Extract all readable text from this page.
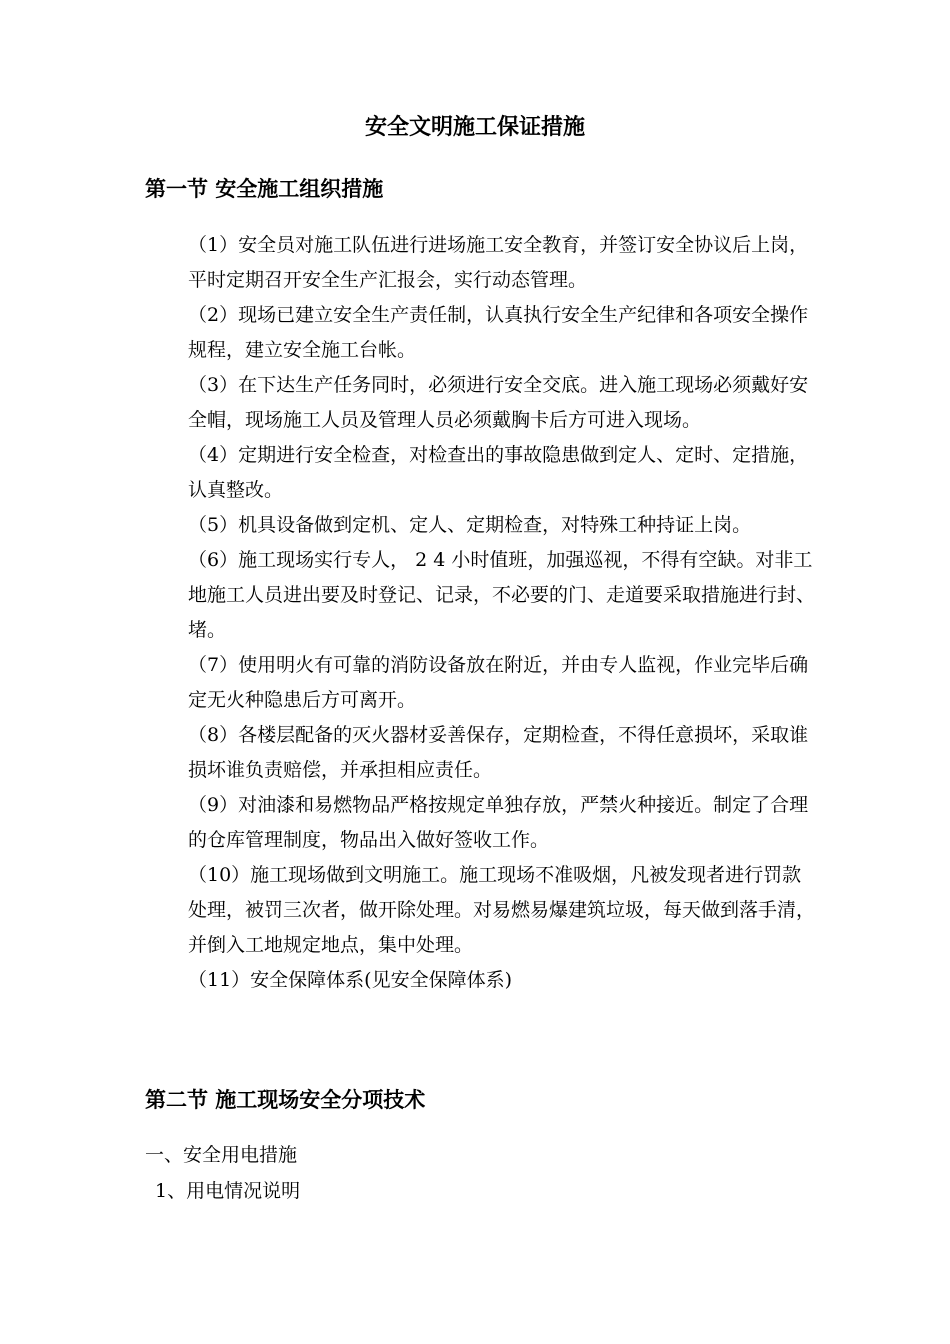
安全文明施工保证措施
第一节 安全施工组织措施

（1）安全员对施工队伍进行进场施工安全教育，并签订安全协议后上岗，平时定期召开安全生产汇报会，实行动态管理。

（2）现场已建立安全生产责任制，认真执行安全生产纪律和各项安全操作规程，建立安全施工台帐。

（3）在下达生产任务同时，必须进行安全交底。进入施工现场必须戴好安全帽，现场施工人员及管理人员必须戴胸卡后方可进入现场。

（4）定期进行安全检查，对检查出的事故隐患做到定人、定时、定措施，认真整改。

（5）机具设备做到定机、定人、定期检查，对特殊工种持证上岗。

（6）施工现场实行专人， 2 4 小时值班，加强巡视，不得有空缺。对非工地施工人员进出要及时登记、记录，不必要的门、走道要采取措施进行封、堵。

（7）使用明火有可靠的消防设备放在附近，并由专人监视，作业完毕后确定无火种隐患后方可离开。

（8）各楼层配备的灭火器材妥善保存，定期检查，不得任意损坏，采取谁损坏谁负责赔偿，并承担相应责任。

（9）对油漆和易燃物品严格按规定单独存放，严禁火种接近。制定了合理的仓库管理制度，物品出入做好签收工作。

（10）施工现场做到文明施工。施工现场不准吸烟，凡被发现者进行罚款处理，被罚三次者，做开除处理。对易燃易爆建筑垃圾，每天做到落手清，并倒入工地规定地点，集中处理。

（11）安全保障体系(见安全保障体系)

第二节 施工现场安全分项技术
一、安全用电措施
1、用电情况说明
